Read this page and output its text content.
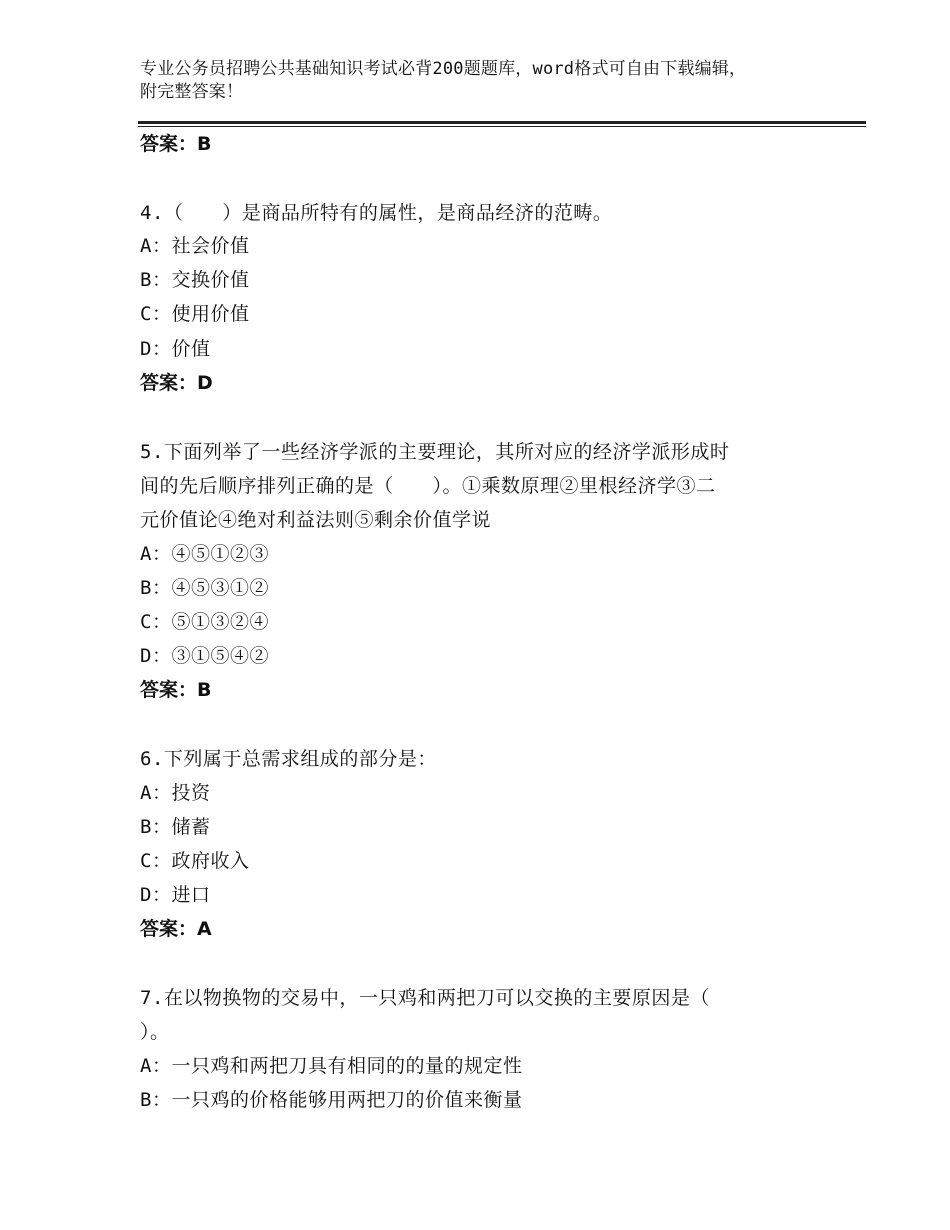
专业公务员招聘公共基础知识考试必背200题题库，word格式可自由下载编辑，
附完整答案！
答案：B
4.（　　）是商品所特有的属性，是商品经济的范畴。
A：社会价值
B：交换价值
C：使用价值
D：价值
答案：D
5.下面列举了一些经济学派的主要理论，其所对应的经济学派形成时
间的先后顺序排列正确的是（　　）。①乘数原理②里根经济学③二
元价值论④绝对利益法则⑤剩余价值学说
A：④⑤①②③
B：④⑤③①②
C：⑤①③②④
D：③①⑤④②
答案：B
6.下列属于总需求组成的部分是：
A：投资
B：储蓄
C：政府收入
D：进口
答案：A
7.在以物换物的交易中，一只鸡和两把刀可以交换的主要原因是（
）。
A：一只鸡和两把刀具有相同的的量的规定性
B：一只鸡的价格能够用两把刀的价值来衡量
